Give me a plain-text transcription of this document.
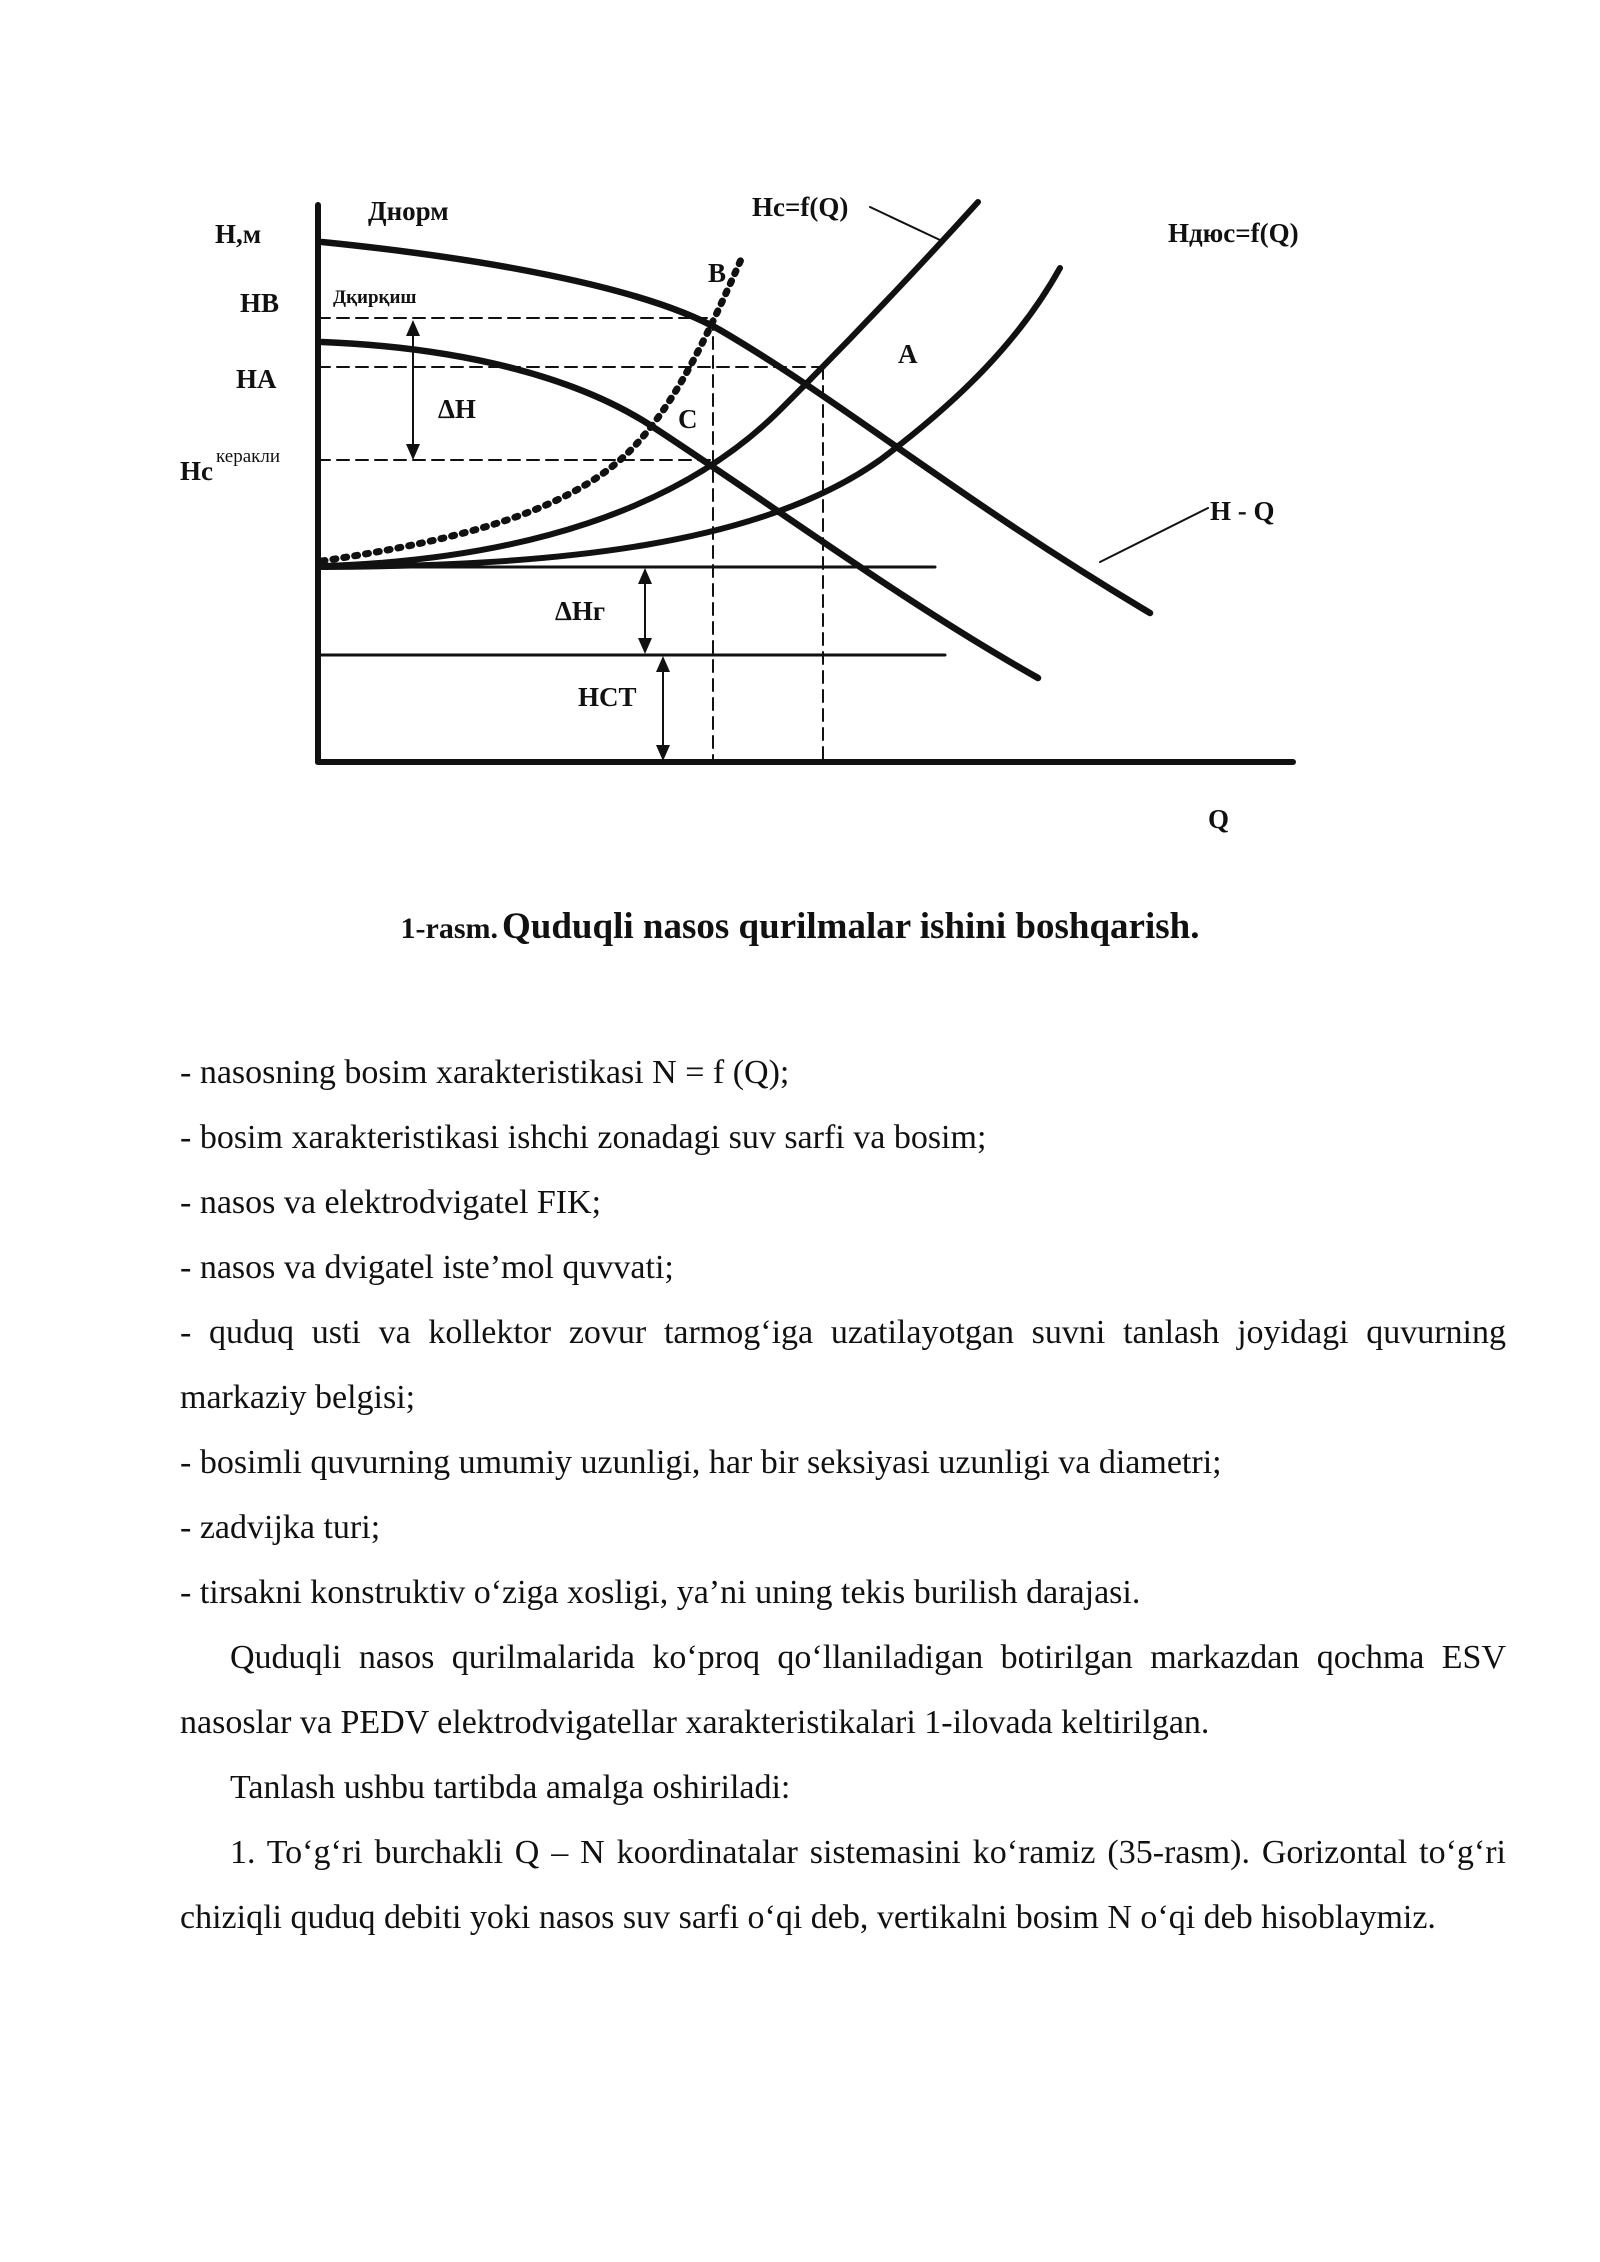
Н,м
НВ
НА
Нс керакли
Днорм
Дқирқиш
ΔН
Нс=f(Q)
Ндюс=f(Q)
В
А
С
Н - Q
ΔНг
НСТ
Q
1-rasm. Quduqli nasos qurilmalar ishini boshqarish.

- nasosning bosim xarakteristikasi N = f (Q);

- bosim xarakteristikasi ishchi zonadagi suv sarfi va bosim;

- nasos va elektrodvigatel FIK;

- nasos va dvigatel iste’mol quvvati;

- quduq usti va kollektor zovur tarmog‘iga uzatilayotgan suvni tanlash joyidagi quvurning markaziy belgisi;

- bosimli quvurning umumiy uzunligi, har bir seksiyasi uzunligi va diametri;

- zadvijka turi;

- tirsakni konstruktiv o‘ziga xosligi, ya’ni uning tekis burilish darajasi.

Quduqli nasos qurilmalarida ko‘proq qo‘llaniladigan botirilgan markazdan qochma ESV nasoslar va PEDV elektrodvigatellar xarakteristikalari 1-ilovada keltirilgan.

Tanlash ushbu tartibda amalga oshiriladi:

1. To‘g‘ri burchakli Q – N koordinatalar sistemasini ko‘ramiz (35-rasm). Gorizontal to‘g‘ri chiziqli quduq debiti yoki nasos suv sarfi o‘qi deb, vertikalni bosim N o‘qi deb hisoblaymiz.
